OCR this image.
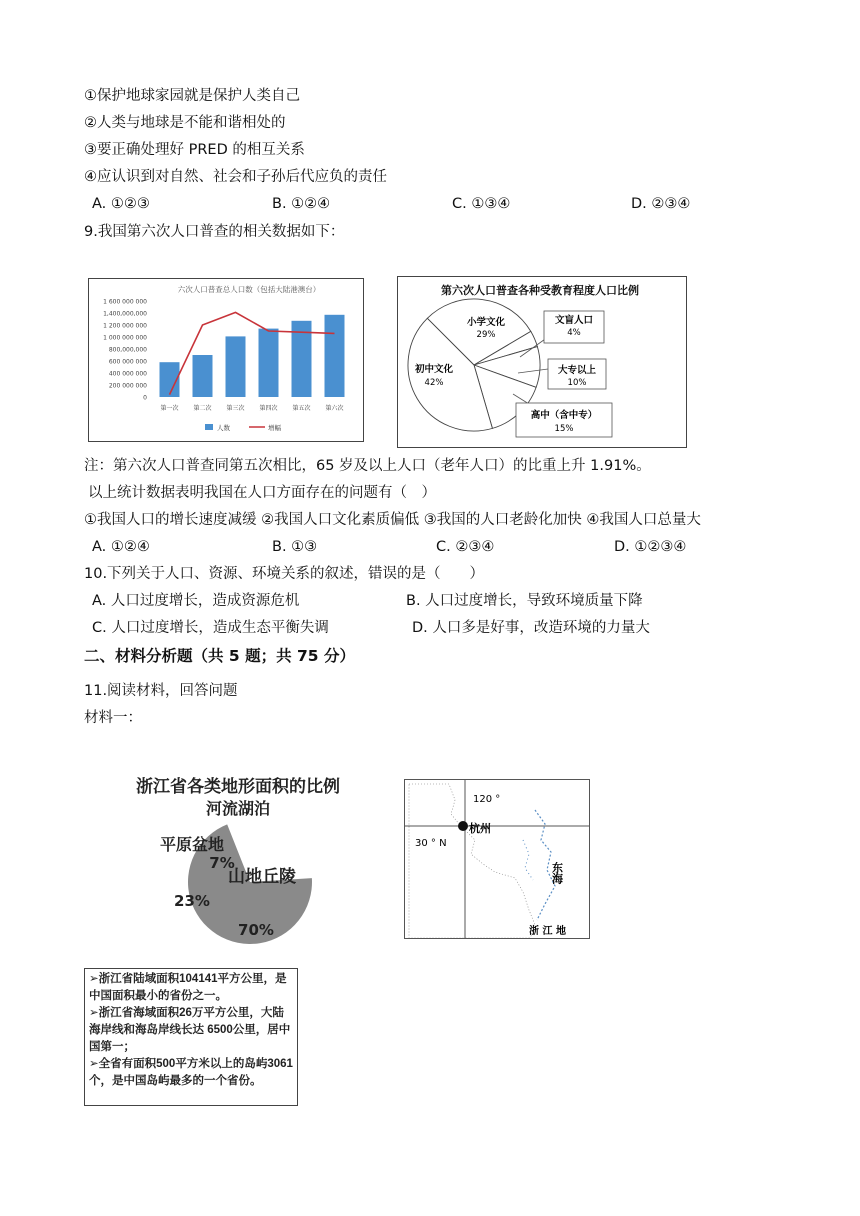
①保护地球家园就是保护人类自己
②人类与地球是不能和谐相处的
③要正确处理好 PRED 的相互关系
④应认识到对自然、社会和子孙后代应负的责任
A. ①②③	B. ①②④	C. ①③④	D. ②③④
9.我国第六次人口普查的相关数据如下：
六次人口普查总人口数（包括大陆港澳台）
1 600 000 000
1,400,000,000
1 200 000 000
1 000 000 000
800,000,000
600 000 000
400 000 000
200 000 000
0
第一次 第二次 第三次 第四次 第五次 第六次
人数	增幅
第六次人口普查各种受教育程度人口比例
文盲人口
4%
大专以上
10%
高中（含中专）
15%
小学文化
29%
初中文化
42%
注：第六次人口普查同第五次相比，65 岁及以上人口（老年人口）的比重上升 1.91%。
以上统计数据表明我国在人口方面存在的问题有（　）
①我国人口的增长速度减缓 ②我国人口文化素质偏低 ③我国的人口老龄化加快 ④我国人口总量大
A. ①②④	B. ①③	C. ②③④	D. ①②③④
10.下列关于人口、资源、环境关系的叙述，错误的是（　　）
A. 人口过度增长，造成资源危机	B. 人口过度增长，导致环境质量下降
C. 人口过度增长，造成生态平衡失调	D. 人口多是好事，改造环境的力量大
二、材料分析题（共 5 题；共 75 分）
11.阅读材料，回答问题
材料一：
浙江省各类地形面积的比例
河流湖泊
7%
平原盆地
23%
山地丘陵
70%
120 °
30 ° N
杭州
东海
浙 江 地
➢浙江省陆域面积104141平方公里，是中国面积最小的省份之一。
➢浙江省海域面积26万平方公里，大陆海岸线和海岛岸线长达 6500公里，居中国第一；
➢全省有面积500平方米以上的岛屿3061个，是中国岛屿最多的一个省份。
